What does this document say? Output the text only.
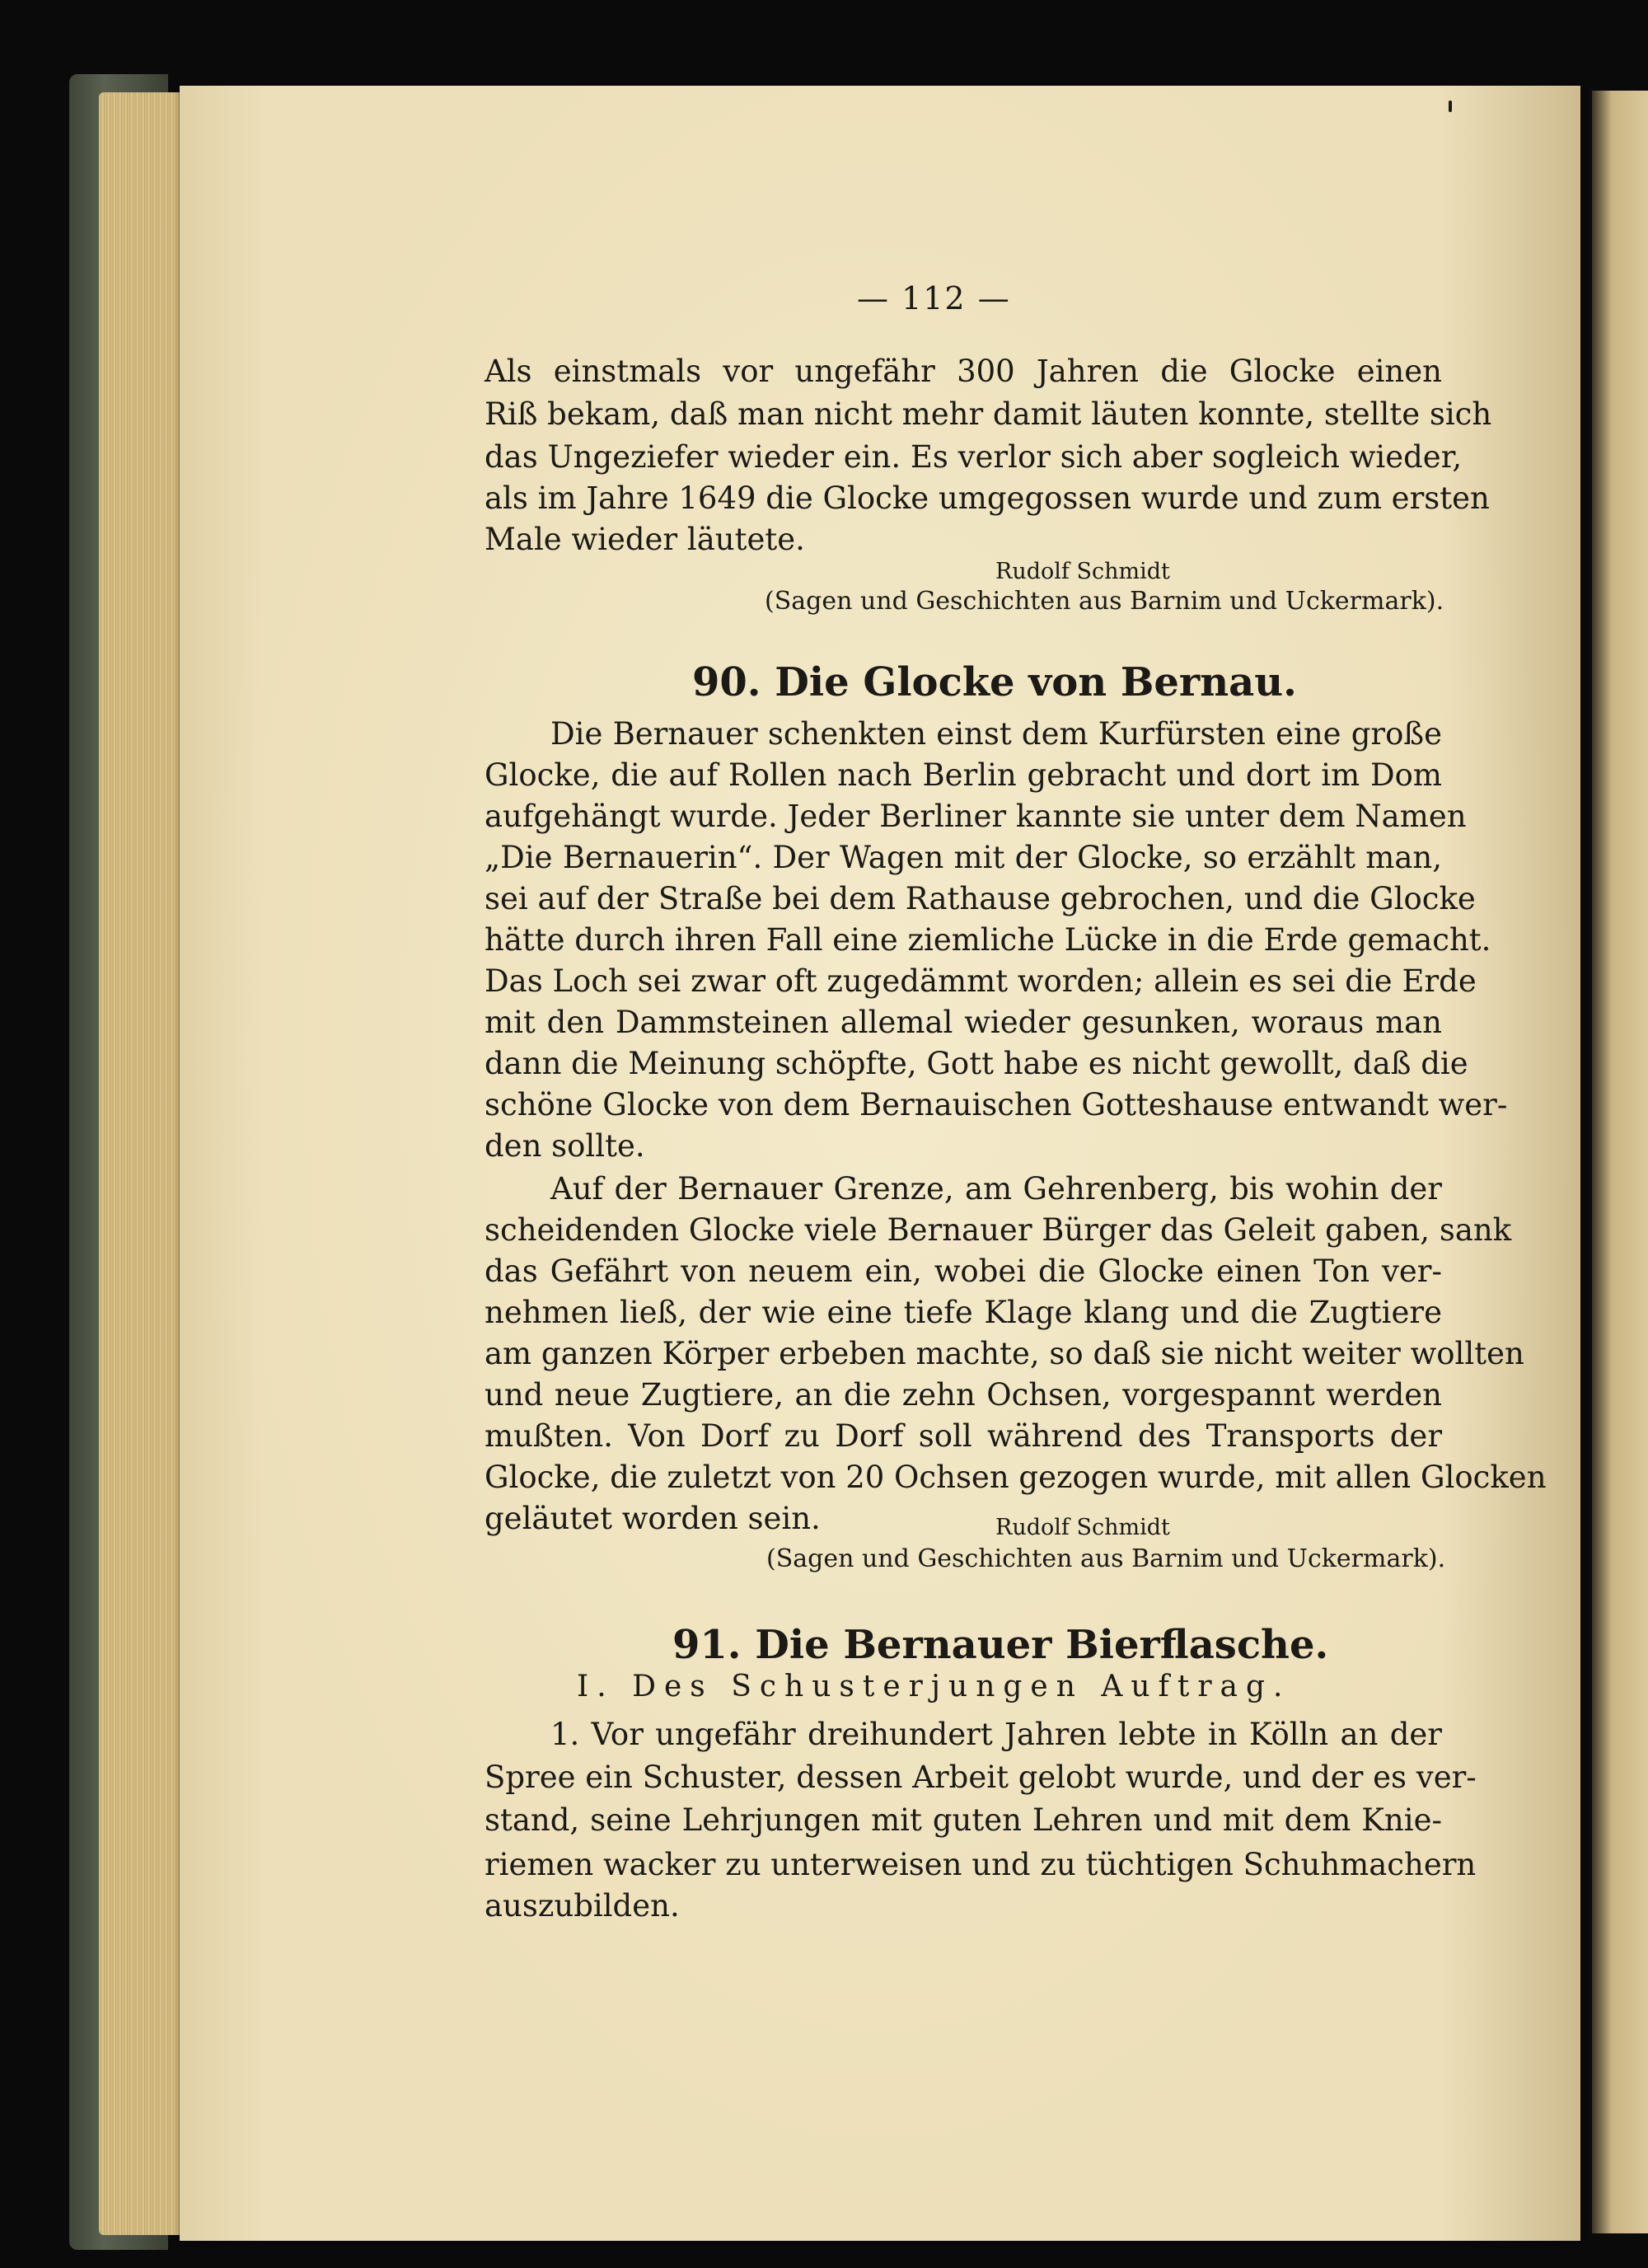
— 112 —
Als einstmals vor ungefähr 300 Jahren die Glocke einen
Riß bekam, daß man nicht mehr damit läuten konnte, stellte sich
das Ungeziefer wieder ein. Es verlor sich aber sogleich wieder,
als im Jahre 1649 die Glocke umgegossen wurde und zum ersten
Male wieder läutete.
Rudolf Schmidt
(Sagen und Geschichten aus Barnim und Uckermark).
90. Die Glocke von Bernau.
Die Bernauer schenkten einst dem Kurfürsten eine große
Glocke, die auf Rollen nach Berlin gebracht und dort im Dom
aufgehängt wurde. Jeder Berliner kannte sie unter dem Namen
„Die Bernauerin“. Der Wagen mit der Glocke, so erzählt man,
sei auf der Straße bei dem Rathause gebrochen, und die Glocke
hätte durch ihren Fall eine ziemliche Lücke in die Erde gemacht.
Das Loch sei zwar oft zugedämmt worden; allein es sei die Erde
mit den Dammsteinen allemal wieder gesunken, woraus man
dann die Meinung schöpfte, Gott habe es nicht gewollt, daß die
schöne Glocke von dem Bernauischen Gotteshause entwandt wer-
den sollte.
Auf der Bernauer Grenze, am Gehrenberg, bis wohin der
scheidenden Glocke viele Bernauer Bürger das Geleit gaben, sank
das Gefährt von neuem ein, wobei die Glocke einen Ton ver-
nehmen ließ, der wie eine tiefe Klage klang und die Zugtiere
am ganzen Körper erbeben machte, so daß sie nicht weiter wollten
und neue Zugtiere, an die zehn Ochsen, vorgespannt werden
mußten. Von Dorf zu Dorf soll während des Transports der
Glocke, die zuletzt von 20 Ochsen gezogen wurde, mit allen Glocken
geläutet worden sein.	Rudolf Schmidt
(Sagen und Geschichten aus Barnim und Uckermark).
91. Die Bernauer Bierflasche.
I. Des Schusterjungen Auftrag.
1. Vor ungefähr dreihundert Jahren lebte in Kölln an der
Spree ein Schuster, dessen Arbeit gelobt wurde, und der es ver-
stand, seine Lehrjungen mit guten Lehren und mit dem Knie-
riemen wacker zu unterweisen und zu tüchtigen Schuhmachern
auszubilden.
